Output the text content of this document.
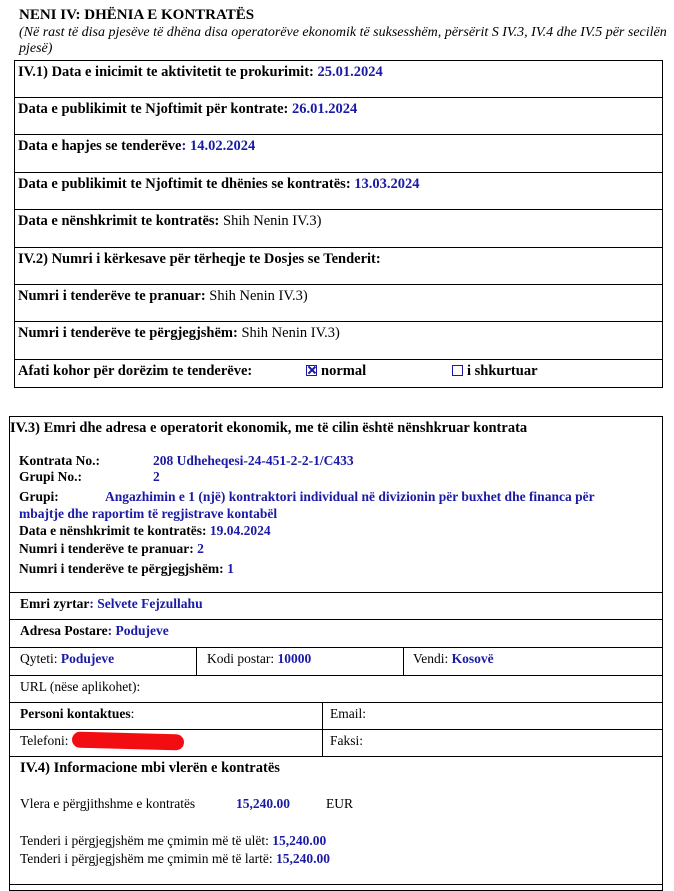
NENI IV: DHËNIA E KONTRATËS
(Në rast të disa pjesëve të dhëna disa operatorëve ekonomik të suksesshëm, përsërit S IV.3, IV.4 dhe IV.5 për secilën pjesë)
IV.1) Data e inicimit te aktivitetit te prokurimit: 25.01.2024
Data e publikimit te Njoftimit për kontrate: 26.01.2024
Data e hapjes se tenderëve: 14.02.2024
Data e publikimit te Njoftimit te dhënies se kontratës: 13.03.2024
Data e nënshkrimit te kontratës: Shih Nenin IV.3)
IV.2) Numri i kërkesave për tërheqje te Dosjes se Tenderit:
Numri i tenderëve te pranuar: Shih Nenin IV.3)
Numri i tenderëve te përgjegjshëm: Shih Nenin IV.3)
Afati kohor për dorëzim te tenderëve:	normal	i shkurtuar
IV.3) Emri dhe adresa e operatorit ekonomik, me të cilin është nënshkruar kontrata
Kontrata No.:	208 Udheheqesi-24-451-2-2-1/C433
Grupi No.:	2
Grupi:	Angazhimin e 1 (një) kontraktori individual në divizionin për buxhet dhe financa për
mbajtje dhe raportim të regjistrave kontabël
Data e nënshkrimit te kontratës: 19.04.2024
Numri i tenderëve te pranuar: 2
Numri i tenderëve te përgjegjshëm: 1
Emri zyrtar: Selvete Fejzullahu
Adresa Postare: Podujeve
Qyteti: Podujeve	Kodi postar: 10000	Vendi: Kosovë
URL (nëse aplikohet):
Personi kontaktues:	Email:
Telefoni:	Faksi:
IV.4) Informacione mbi vlerën e kontratës
Vlera e përgjithshme e kontratës	15,240.00	EUR
Tenderi i përgjegjshëm me çmimin më të ulët: 15,240.00
Tenderi i përgjegjshëm me çmimin më të lartë: 15,240.00
